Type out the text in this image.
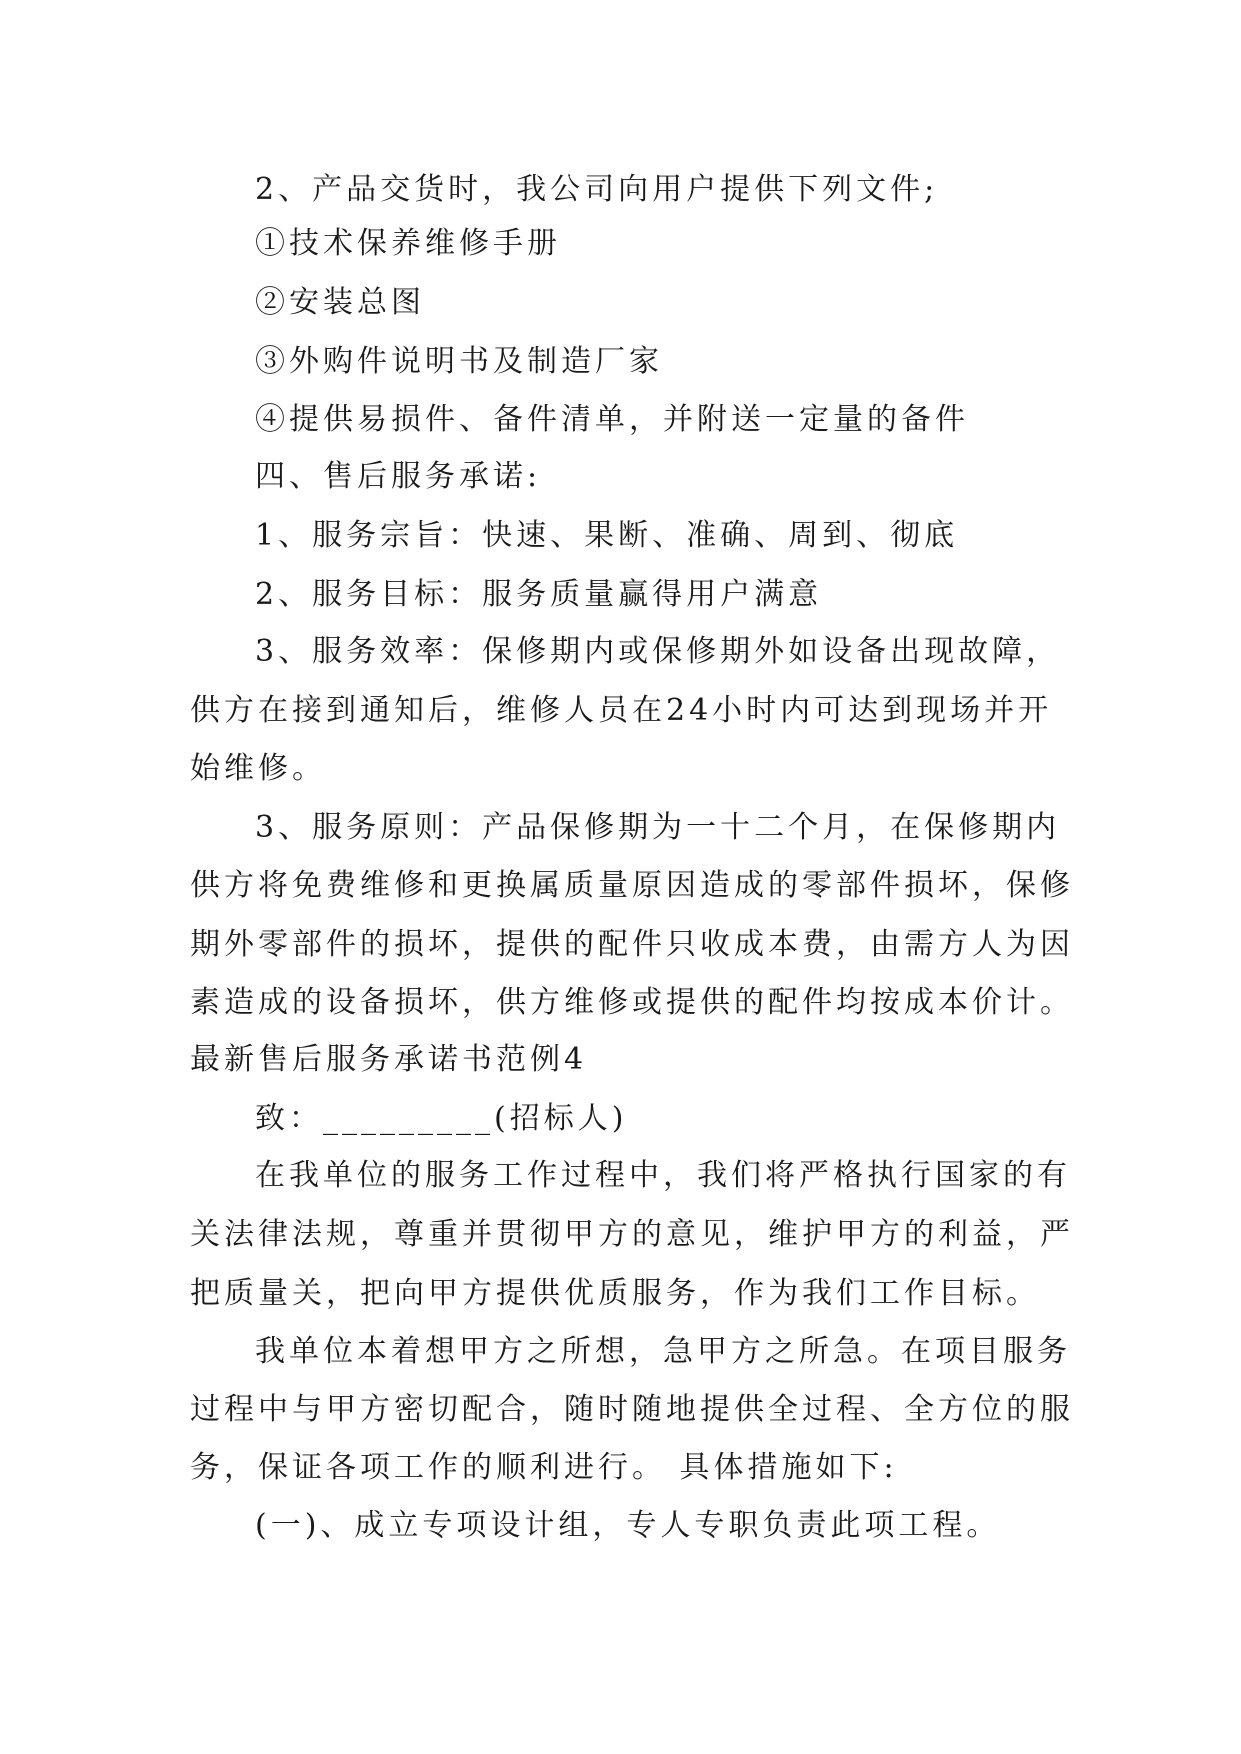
2、产品交货时，我公司向用户提供下列文件;
①技术保养维修手册
②安装总图
③外购件说明书及制造厂家
④提供易损件、备件清单，并附送一定量的备件
四、售后服务承诺:
1、服务宗旨：快速、果断、准确、周到、彻底
2、服务目标：服务质量赢得用户满意
3、服务效率：保修期内或保修期外如设备出现故障，
供方在接到通知后，维修人员在24小时内可达到现场并开
始维修。
3、服务原则：产品保修期为一十二个月，在保修期内
供方将免费维修和更换属质量原因造成的零部件损坏，保修
期外零部件的损坏，提供的配件只收成本费，由需方人为因
素造成的设备损坏，供方维修或提供的配件均按成本价计。
最新售后服务承诺书范例4
致：_________(招标人)
在我单位的服务工作过程中，我们将严格执行国家的有
关法律法规，尊重并贯彻甲方的意见，维护甲方的利益，严
把质量关，把向甲方提供优质服务，作为我们工作目标。
我单位本着想甲方之所想，急甲方之所急。在项目服务
过程中与甲方密切配合，随时随地提供全过程、全方位的服
务，保证各项工作的顺利进行。 具体措施如下:
(一)、成立专项设计组，专人专职负责此项工程。
